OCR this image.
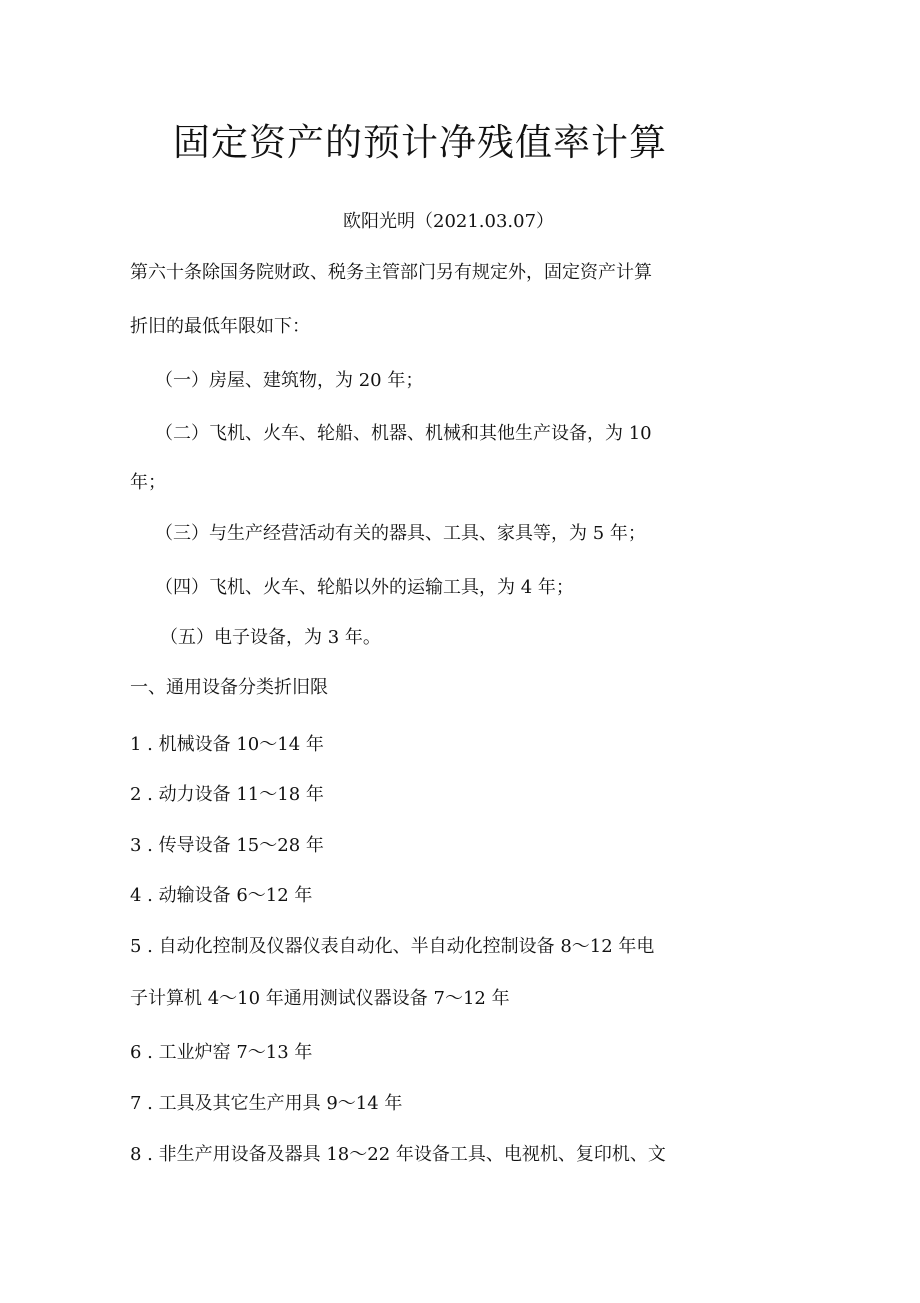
固定资产的预计净残值率计算
欧阳光明（2021.03.07）
第六十条除国务院财政、税务主管部门另有规定外，固定资产计算
折旧的最低年限如下：
（一）房屋、建筑物，为 20 年；
（二）飞机、火车、轮船、机器、机械和其他生产设备，为 10
年；
（三）与生产经营活动有关的器具、工具、家具等，为 5 年；
（四）飞机、火车、轮船以外的运输工具，为 4 年；
（五）电子设备，为 3 年。
一、通用设备分类折旧限
1 . 机械设备 10～14 年
2 . 动力设备 11～18 年
3 . 传导设备 15～28 年
4 . 动输设备 6～12 年
5 . 自动化控制及仪器仪表自动化、半自动化控制设备 8～12 年电
子计算机 4～10 年通用测试仪器设备 7～12 年
6 . 工业炉窑 7～13 年
7 . 工具及其它生产用具 9～14 年
8 . 非生产用设备及器具 18～22 年设备工具、电视机、复印机、文
